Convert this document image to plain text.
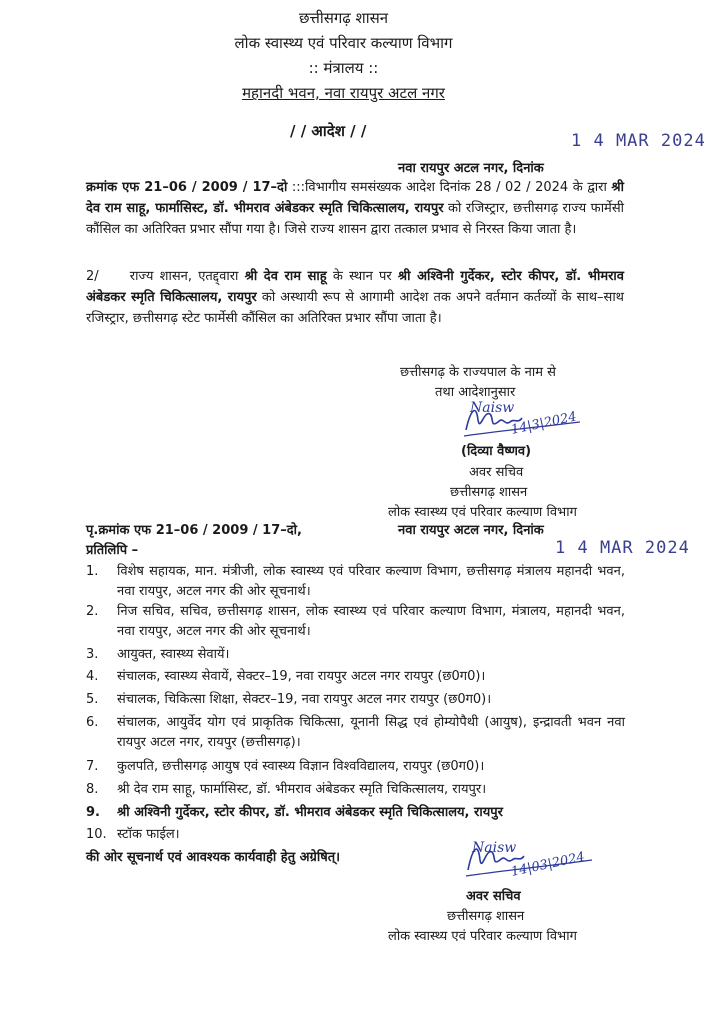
छत्तीसगढ़ शासन
लोक स्वास्थ्य एवं परिवार कल्याण विभाग
:: मंत्रालय ::
महानदी भवन, नवा रायपुर अटल नगर
/ / आदेश / /	1 4 MAR 2024
नवा रायपुर अटल नगर, दिनांक
क्रमांक एफ 21–06 / 2009 / 17–दो :::विभागीय समसंख्यक आदेश दिनांक 28 / 02 / 2024 के द्वारा श्री देव राम साहू, फार्मासिस्ट, डॉ. भीमराव अंबेडकर स्मृति चिकित्सालय, रायपुर को रजिस्ट्रार, छत्तीसगढ़ राज्य फार्मेसी कौंसिल का अतिरिक्त प्रभार सौंपा गया है। जिसे राज्य शासन द्वारा तत्काल प्रभाव से निरस्त किया जाता है।
2/ राज्य शासन, एतद्द्वारा श्री देव राम साहू के स्थान पर श्री अश्विनी गुर्देकर, स्टोर कीपर, डॉ. भीमराव अंबेडकर स्मृति चिकित्सालय, रायपुर को अस्थायी रूप से आगामी आदेश तक अपने वर्तमान कर्तव्यों के साथ–साथ रजिस्ट्रार, छत्तीसगढ़ स्टेट फार्मेसी कौंसिल का अतिरिक्त प्रभार सौंपा जाता है।
छत्तीसगढ़ के राज्यपाल के नाम से
तथा आदेशानुसार
Naisw
14|3|2024
(दिव्या वैष्णव)
अवर सचिव
छत्तीसगढ़ शासन
लोक स्वास्थ्य एवं परिवार कल्याण विभाग
पृ.क्रमांक एफ 21–06 / 2009 / 17–दो,	नवा रायपुर अटल नगर, दिनांक
1 4 MAR 2024
प्रतिलिपि –
1. विशेष सहायक, मान. मंत्रीजी, लोक स्वास्थ्य एवं परिवार कल्याण विभाग, छत्तीसगढ़ मंत्रालय महानदी भवन, नवा रायपुर, अटल नगर की ओर सूचनार्थ।
2. निज सचिव, सचिव, छत्तीसगढ़ शासन, लोक स्वास्थ्य एवं परिवार कल्याण विभाग, मंत्रालय, महानदी भवन, नवा रायपुर, अटल नगर की ओर सूचनार्थ।
3. आयुक्त, स्वास्थ्य सेवायें।
4. संचालक, स्वास्थ्य सेवायें, सेक्टर–19, नवा रायपुर अटल नगर रायपुर (छ0ग0)।
5. संचालक, चिकित्सा शिक्षा, सेक्टर–19, नवा रायपुर अटल नगर रायपुर (छ0ग0)।
6. संचालक, आयुर्वेद योग एवं प्राकृतिक चिकित्सा, यूनानी सिद्ध एवं होम्योपैथी (आयुष), इन्द्रावती भवन नवा रायपुर अटल नगर, रायपुर (छत्तीसगढ़)।
7. कुलपति, छत्तीसगढ़ आयुष एवं स्वास्थ्य विज्ञान विश्वविद्यालय, रायपुर (छ0ग0)।
8. श्री देव राम साहू, फार्मासिस्ट, डॉ. भीमराव अंबेडकर स्मृति चिकित्सालय, रायपुर।
9. श्री अश्विनी गुर्देकर, स्टोर कीपर, डॉ. भीमराव अंबेडकर स्मृति चिकित्सालय, रायपुर
10. स्टॉक फाईल।
की ओर सूचनार्थ एवं आवश्यक कार्यवाही हेतु अग्रेषित्।
Naisw
14|03|2024
अवर सचिव
छत्तीसगढ़ शासन
लोक स्वास्थ्य एवं परिवार कल्याण विभाग
